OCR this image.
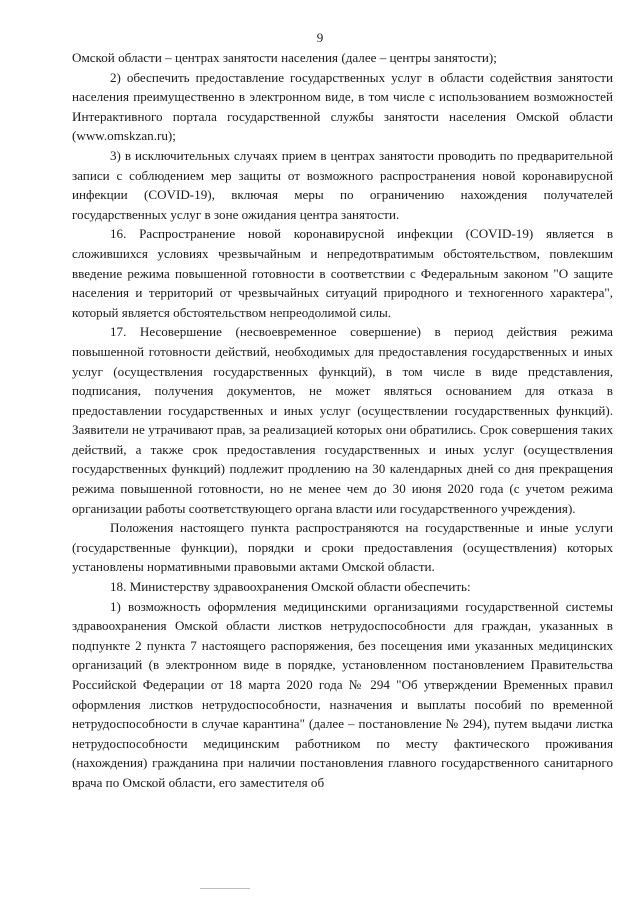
9

Омской области – центрах занятости населения (далее – центры занятости);

2) обеспечить предоставление государственных услуг в области содействия занятости населения преимущественно в электронном виде, в том числе с использованием возможностей Интерактивного портала государственной службы занятости населения Омской области (www.omskzan.ru);

3) в исключительных случаях прием в центрах занятости проводить по предварительной записи с соблюдением мер защиты от возможного распространения новой коронавирусной инфекции (COVID-19), включая меры по ограничению нахождения получателей государственных услуг в зоне ожидания центра занятости.

16. Распространение новой коронавирусной инфекции (COVID-19) является в сложившихся условиях чрезвычайным и непредотвратимым обстоятельством, повлекшим введение режима повышенной готовности в соответствии с Федеральным законом "О защите населения и территорий от чрезвычайных ситуаций природного и техногенного характера", который является обстоятельством непреодолимой силы.

17. Несовершение (несвоевременное совершение) в период действия режима повышенной готовности действий, необходимых для предоставления государственных и иных услуг (осуществления государственных функций), в том числе в виде представления, подписания, получения документов, не может являться основанием для отказа в предоставлении государственных и иных услуг (осуществлении государственных функций). Заявители не утрачивают прав, за реализацией которых они обратились. Срок совершения таких действий, а также срок предоставления государственных и иных услуг (осуществления государственных функций) подлежит продлению на 30 календарных дней со дня прекращения режима повышенной готовности, но не менее чем до 30 июня 2020 года (с учетом режима организации работы соответствующего органа власти или государственного учреждения).

Положения настоящего пункта распространяются на государственные и иные услуги (государственные функции), порядки и сроки предоставления (осуществления) которых установлены нормативными правовыми актами Омской области.

18. Министерству здравоохранения Омской области обеспечить:

1) возможность оформления медицинскими организациями государственной системы здравоохранения Омской области листков нетрудоспособности для граждан, указанных в подпункте 2 пункта 7 настоящего распоряжения, без посещения ими указанных медицинских организаций (в электронном виде в порядке, установленном постановлением Правительства Российской Федерации от 18 марта 2020 года № 294 "Об утверждении Временных правил оформления листков нетрудоспособности, назначения и выплаты пособий по временной нетрудоспособности в случае карантина" (далее – постановление № 294), путем выдачи листка нетрудоспособности медицинским работником по месту фактического проживания (нахождения) гражданина при наличии постановления главного государственного санитарного врача по Омской области, его заместителя об
